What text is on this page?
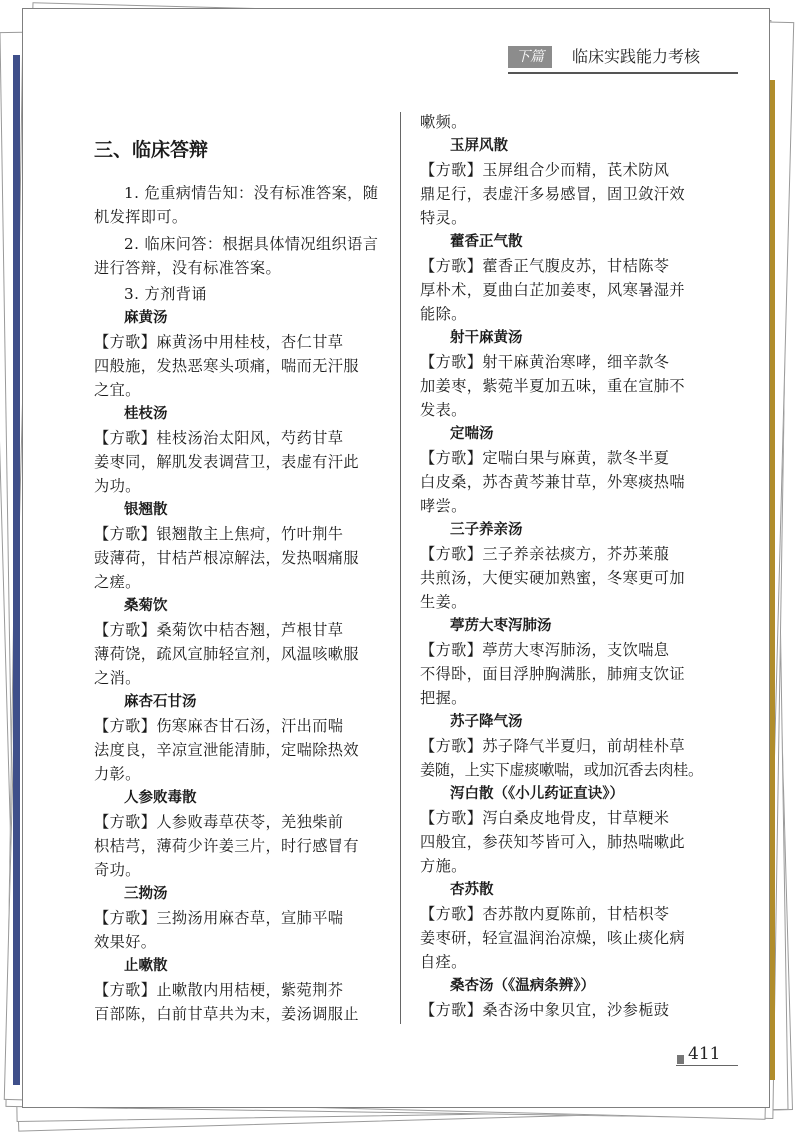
下篇	临床实践能力考核
三、临床答辩
1. 危重病情告知：没有标准答案，随
机发挥即可。
2. 临床问答：根据具体情况组织语言
进行答辩，没有标准答案。
3. 方剂背诵
麻黄汤
【方歌】麻黄汤中用桂枝，杏仁甘草
四般施，发热恶寒头项痛，喘而无汗服
之宜。
桂枝汤
【方歌】桂枝汤治太阳风，芍药甘草
姜枣同，解肌发表调营卫，表虚有汗此
为功。
银翘散
【方歌】银翘散主上焦疴，竹叶荆牛
豉薄荷，甘桔芦根凉解法，发热咽痛服
之瘥。
桑菊饮
【方歌】桑菊饮中桔杏翘，芦根甘草
薄荷饶，疏风宣肺轻宣剂，风温咳嗽服
之消。
麻杏石甘汤
【方歌】伤寒麻杏甘石汤，汗出而喘
法度良，辛凉宣泄能清肺，定喘除热效
力彰。
人参败毒散
【方歌】人参败毒草茯苓，羌独柴前
枳桔芎，薄荷少许姜三片，时行感冒有
奇功。
三拗汤
【方歌】三拗汤用麻杏草，宣肺平喘
效果好。
止嗽散
【方歌】止嗽散内用桔梗，紫菀荆芥
百部陈，白前甘草共为末，姜汤调服止
嗽频。
玉屏风散
【方歌】玉屏组合少而精，芪术防风
鼎足行，表虚汗多易感冒，固卫敛汗效
特灵。
藿香正气散
【方歌】藿香正气腹皮苏，甘桔陈苓
厚朴术，夏曲白芷加姜枣，风寒暑湿并
能除。
射干麻黄汤
【方歌】射干麻黄治寒哮，细辛款冬
加姜枣，紫菀半夏加五味，重在宣肺不
发表。
定喘汤
【方歌】定喘白果与麻黄，款冬半夏
白皮桑，苏杏黄芩兼甘草，外寒痰热喘
哮尝。
三子养亲汤
【方歌】三子养亲祛痰方，芥苏莱菔
共煎汤，大便实硬加熟蜜，冬寒更可加
生姜。
葶苈大枣泻肺汤
【方歌】葶苈大枣泻肺汤，支饮喘息
不得卧，面目浮肿胸满胀，肺痈支饮证
把握。
苏子降气汤
【方歌】苏子降气半夏归，前胡桂朴草
姜随，上实下虚痰嗽喘，或加沉香去肉桂。
泻白散（《小儿药证直诀》）
【方歌】泻白桑皮地骨皮，甘草粳米
四般宜，参茯知芩皆可入，肺热喘嗽此
方施。
杏苏散
【方歌】杏苏散内夏陈前，甘桔枳苓
姜枣研，轻宣温润治凉燥，咳止痰化病
自痊。
桑杏汤（《温病条辨》）
【方歌】桑杏汤中象贝宜，沙参栀豉
411
